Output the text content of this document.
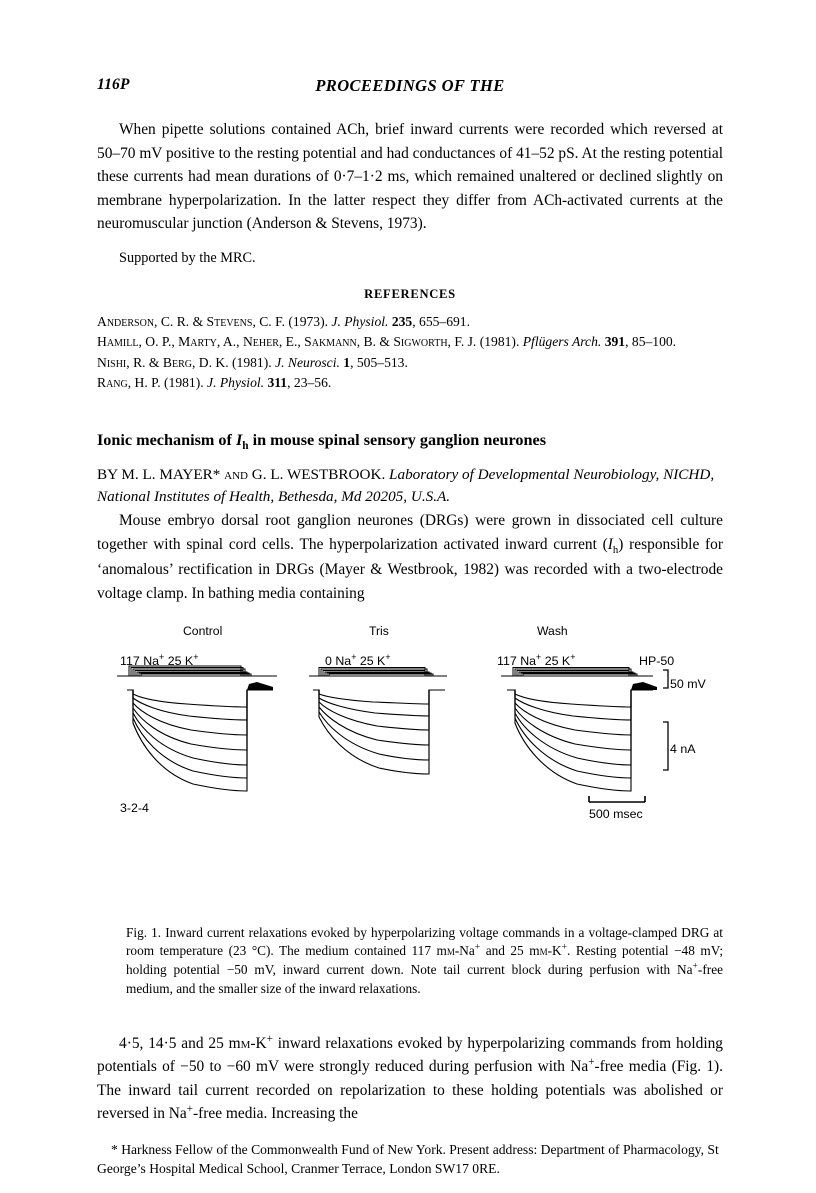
116P	PROCEEDINGS OF THE

When pipette solutions contained ACh, brief inward currents were recorded which reversed at 50–70 mV positive to the resting potential and had conductances of 41–52 pS. At the resting potential these currents had mean durations of 0·7–1·2 ms, which remained unaltered or declined slightly on membrane hyperpolarization. In the latter respect they differ from ACh-activated currents at the neuromuscular junction (Anderson & Stevens, 1973).

Supported by the MRC.

REFERENCES

Anderson, C. R. & Stevens, C. F. (1973). J. Physiol. 235, 655–691.

Hamill, O. P., Marty, A., Neher, E., Sakmann, B. & Sigworth, F. J. (1981). Pflügers Arch. 391, 85–100.

Nishi, R. & Berg, D. K. (1981). J. Neurosci. 1, 505–513.

Rang, H. P. (1981). J. Physiol. 311, 23–56.

Ionic mechanism of $I_h$ in mouse spinal sensory ganglion neurones
BY M. L. MAYER* and G. L. WESTBROOK. Laboratory of Developmental Neurobiology, NICHD, National Institutes of Health, Bethesda, Md 20205, U.S.A.

Mouse embryo dorsal root ganglion neurones (DRGs) were grown in dissociated cell culture together with spinal cord cells. The hyperpolarization activated inward current $(I_h)$ responsible for ‘anomalous’ rectification in DRGs (Mayer & Westbrook, 1982) was recorded with a two-electrode voltage clamp. In bathing media containing

Control	Tris	Wash
117 Na+ 25 K+	0 Na+ 25 K+	117 Na+ 25 K+	HP-50
50 mV
4 nA
500 msec
3-2-4
Fig. 1. Inward current relaxations evoked by hyperpolarizing voltage commands in a voltage-clamped DRG at room temperature (23 °C). The medium contained 117 mm-Na+ and 25 mm-K+. Resting potential −48 mV; holding potential −50 mV, inward current down. Note tail current block during perfusion with Na+-free medium, and the smaller size of the inward relaxations.

4·5, 14·5 and 25 mm-K+ inward relaxations evoked by hyperpolarizing commands from holding potentials of −50 to −60 mV were strongly reduced during perfusion with Na+-free media (Fig. 1). The inward tail current recorded on repolarization to these holding potentials was abolished or reversed in Na+-free media. Increasing the

* Harkness Fellow of the Commonwealth Fund of New York. Present address: Department of Pharmacology, St George’s Hospital Medical School, Cranmer Terrace, London SW17 0RE.
